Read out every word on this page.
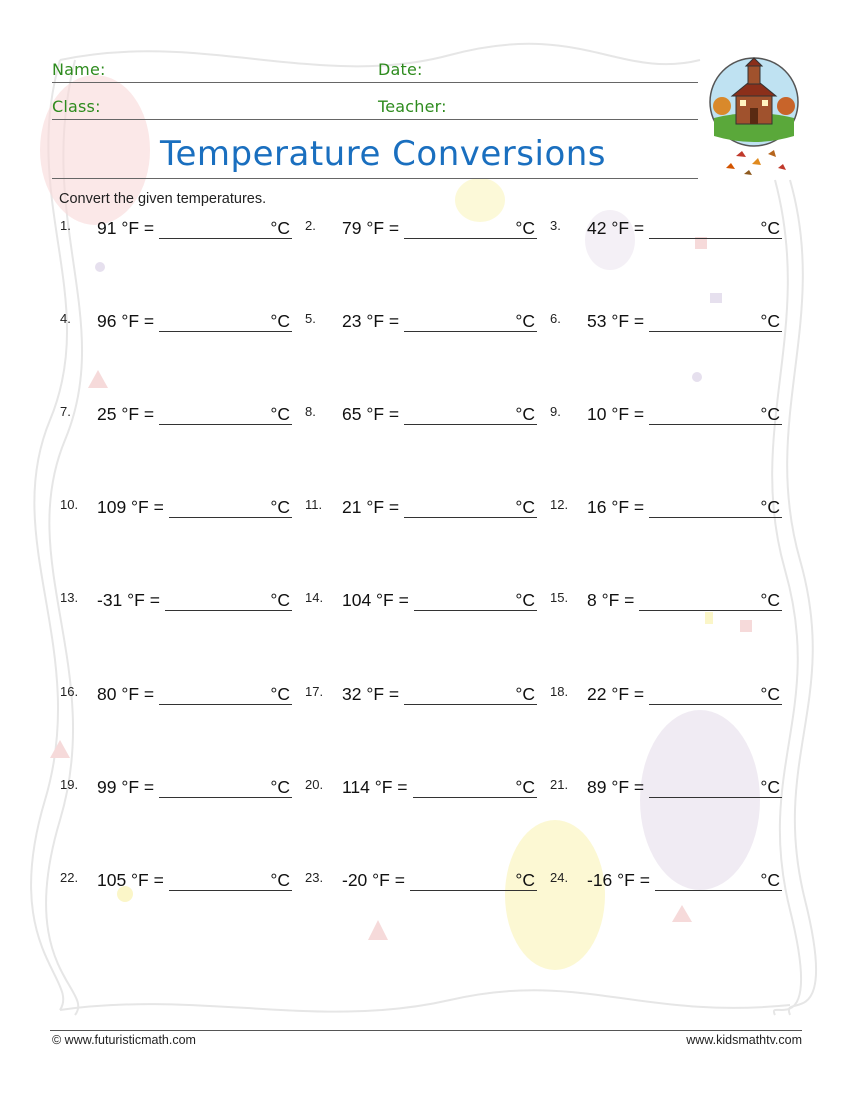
Name:	Date:
Class:	Teacher:
Temperature Conversions
Convert the given temperatures.
1. 91 °F =	°C 2. 79 °F =	°C 3. 42 °F =	°C
4. 96 °F =	°C 5. 23 °F =	°C 6. 53 °F =	°C
7. 25 °F =	°C 8. 65 °F =	°C 9. 10 °F =	°C
10. 109 °F =	°C 11. 21 °F =	°C 12. 16 °F =	°C
13. -31 °F =	°C 14. 104 °F =	°C 15. 8 °F =	°C
16. 80 °F =	°C 17. 32 °F =	°C 18. 22 °F =	°C
19. 99 °F =	°C 20. 114 °F =	°C 21. 89 °F =	°C
22. 105 °F =	°C 23. -20 °F =	°C 24. -16 °F =	°C
© www.futuristicmath.com	www.kidsmathtv.com
